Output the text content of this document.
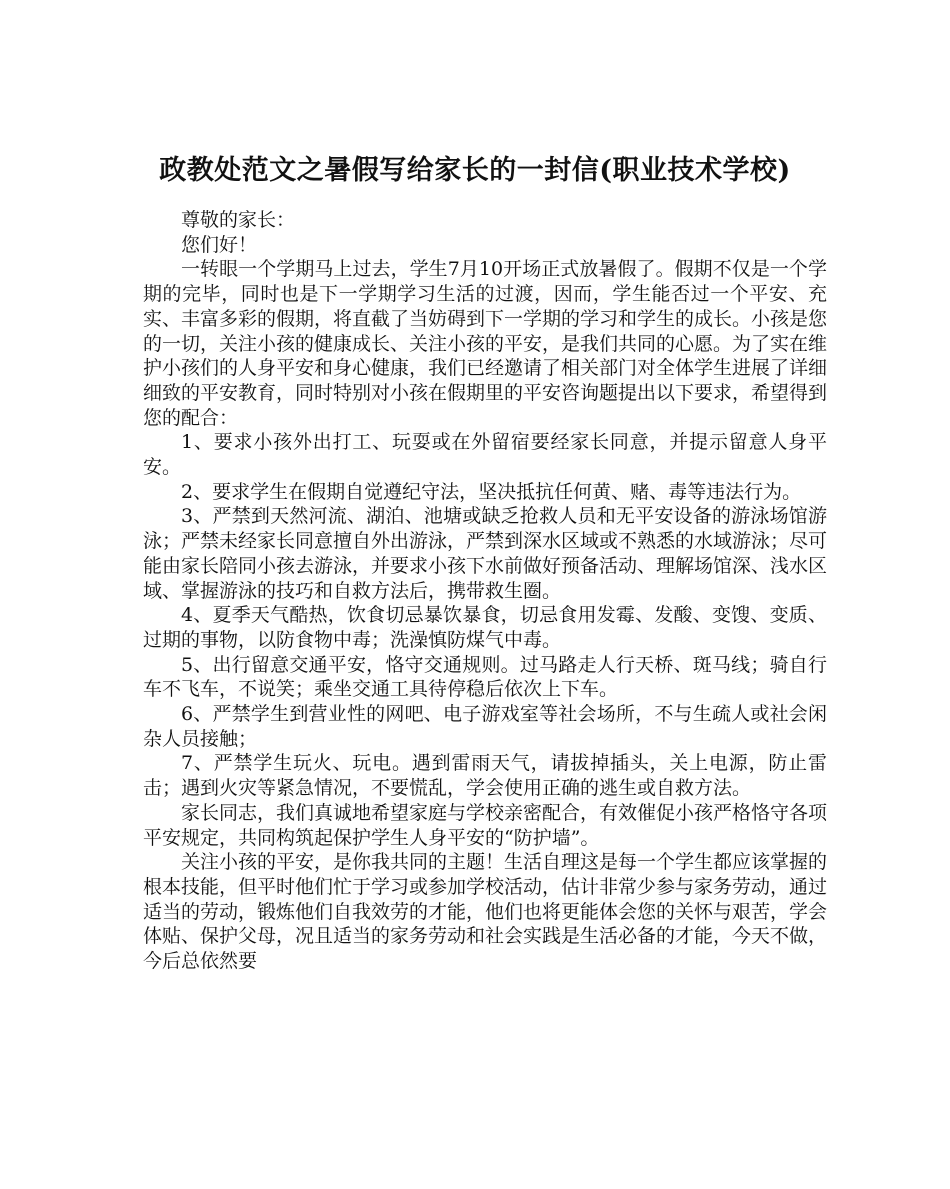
政教处范文之暑假写给家长的一封信(职业技术学校)

尊敬的家长：

您们好！

一转眼一个学期马上过去，学生7月10开场正式放暑假了。假期不仅是一个学期的完毕，同时也是下一学期学习生活的过渡，因而，学生能否过一个平安、充实、丰富多彩的假期，将直截了当妨碍到下一学期的学习和学生的成长。小孩是您的一切，关注小孩的健康成长、关注小孩的平安，是我们共同的心愿。为了实在维护小孩们的人身平安和身心健康，我们已经邀请了相关部门对全体学生进展了详细细致的平安教育，同时特别对小孩在假期里的平安咨询题提出以下要求，希望得到您的配合：

1、要求小孩外出打工、玩耍或在外留宿要经家长同意，并提示留意人身平安。

2、要求学生在假期自觉遵纪守法，坚决抵抗任何黄、赌、毒等违法行为。

3、严禁到天然河流、湖泊、池塘或缺乏抢救人员和无平安设备的游泳场馆游泳；严禁未经家长同意擅自外出游泳，严禁到深水区域或不熟悉的水域游泳；尽可能由家长陪同小孩去游泳，并要求小孩下水前做好预备活动、理解场馆深、浅水区域、掌握游泳的技巧和自救方法后，携带救生圈。

4、夏季天气酷热，饮食切忌暴饮暴食，切忌食用发霉、发酸、变馊、变质、过期的事物，以防食物中毒；洗澡慎防煤气中毒。

5、出行留意交通平安，恪守交通规则。过马路走人行天桥、斑马线；骑自行车不飞车，不说笑；乘坐交通工具待停稳后依次上下车。

6、严禁学生到营业性的网吧、电子游戏室等社会场所，不与生疏人或社会闲杂人员接触；

7、严禁学生玩火、玩电。遇到雷雨天气，请拔掉插头，关上电源，防止雷击；遇到火灾等紧急情况，不要慌乱，学会使用正确的逃生或自救方法。

家长同志，我们真诚地希望家庭与学校亲密配合，有效催促小孩严格恪守各项平安规定，共同构筑起保护学生人身平安的“防护墙”。

关注小孩的平安，是你我共同的主题！生活自理这是每一个学生都应该掌握的根本技能，但平时他们忙于学习或参加学校活动，估计非常少参与家务劳动，通过适当的劳动，锻炼他们自我效劳的才能，他们也将更能体会您的关怀与艰苦，学会体贴、保护父母，况且适当的家务劳动和社会实践是生活必备的才能，今天不做，今后总依然要
